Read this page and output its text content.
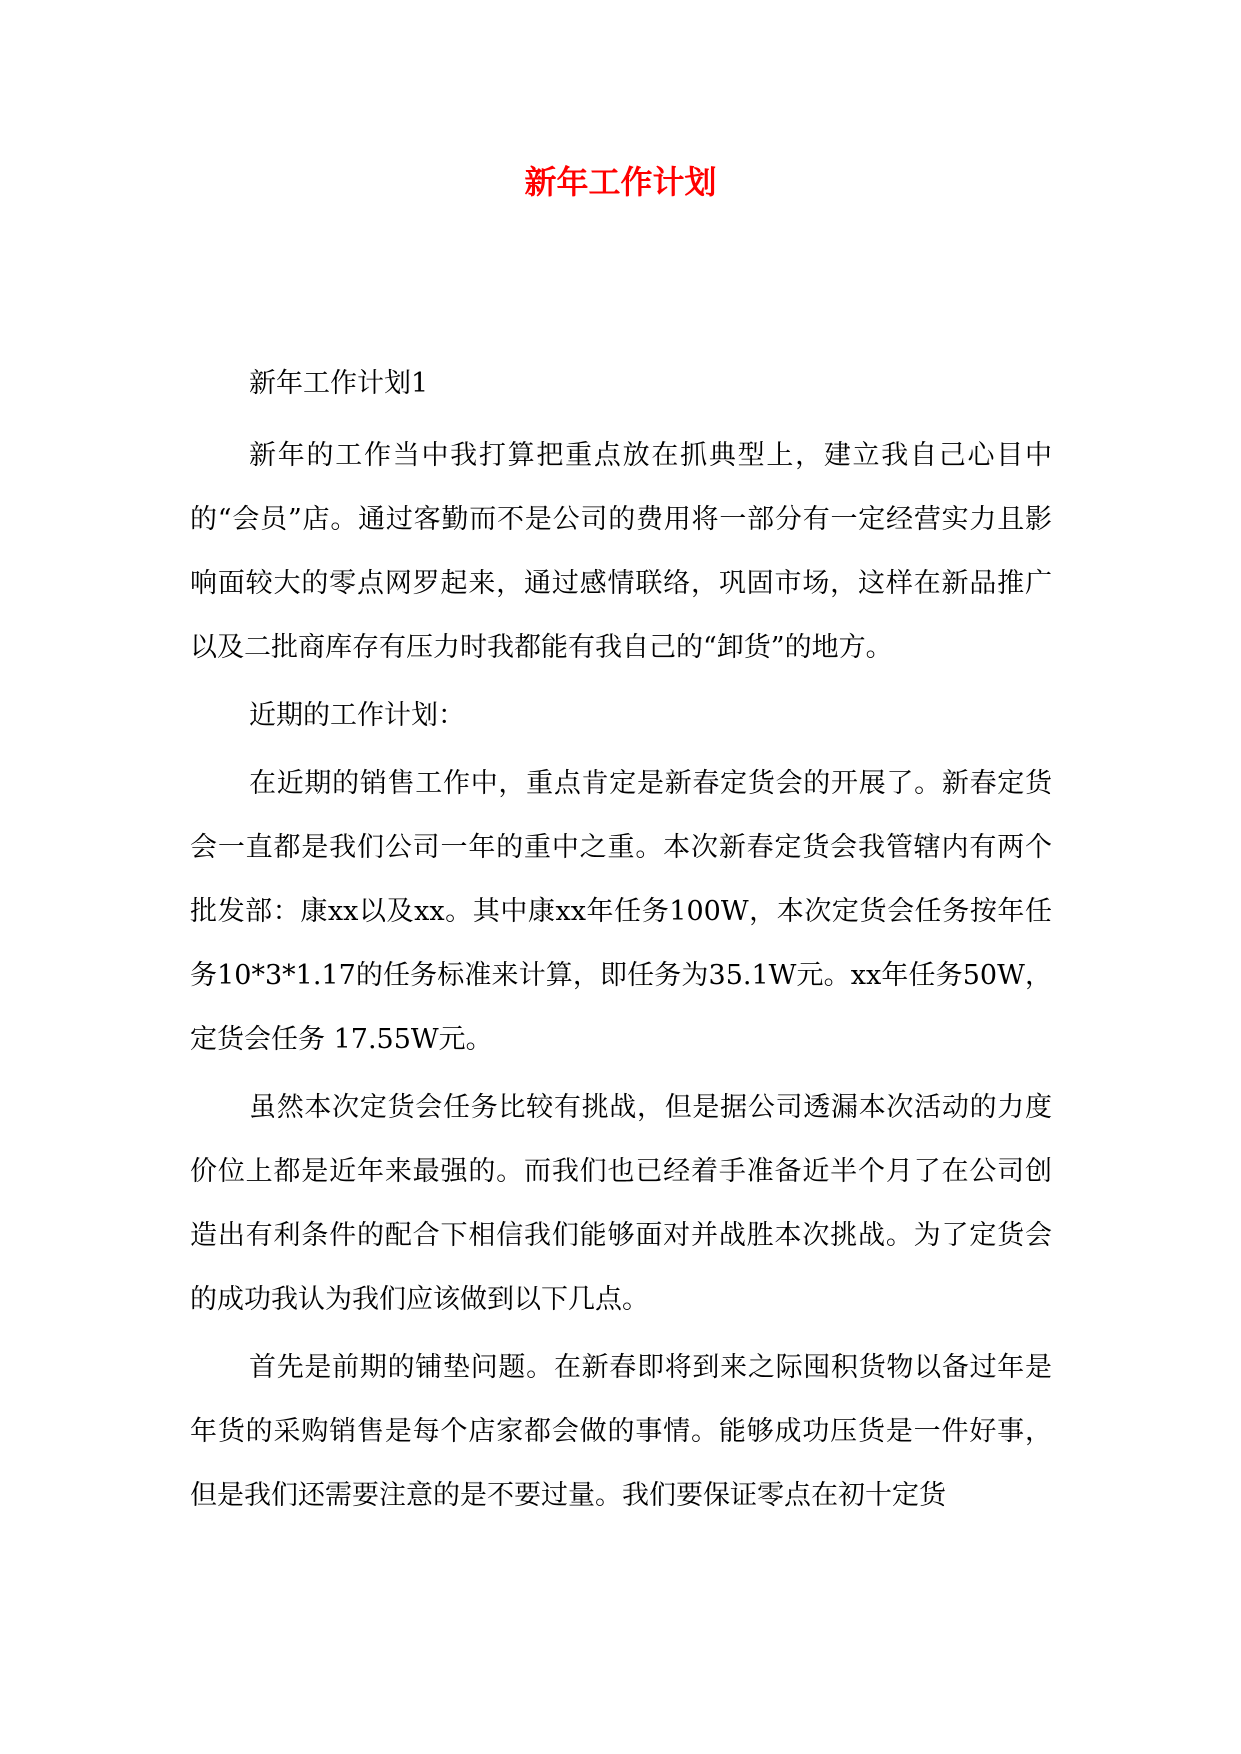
新年工作计划

新年工作计划1

新年的工作当中我打算把重点放在抓典型上，建立我自己心目中的“会员”店。通过客勤而不是公司的费用将一部分有一定经营实力且影响面较大的零点网罗起来，通过感情联络，巩固市场，这样在新品推广以及二批商库存有压力时我都能有我自己的“卸货”的地方。

近期的工作计划：

在近期的销售工作中，重点肯定是新春定货会的开展了。新春定货会一直都是我们公司一年的重中之重。本次新春定货会我管辖内有两个批发部：康xx以及xx。其中康xx年任务100W，本次定货会任务按年任务10*3*1.17的任务标准来计算，即任务为35.1W元。xx年任务50W，定货会任务 17.55W元。

虽然本次定货会任务比较有挑战，但是据公司透漏本次活动的力度价位上都是近年来最强的。而我们也已经着手准备近半个月了在公司创造出有利条件的配合下相信我们能够面对并战胜本次挑战。为了定货会的成功我认为我们应该做到以下几点。

首先是前期的铺垫问题。在新春即将到来之际囤积货物以备过年是年货的采购销售是每个店家都会做的事情。能够成功压货是一件好事，但是我们还需要注意的是不要过量。我们要保证零点在初十定货
